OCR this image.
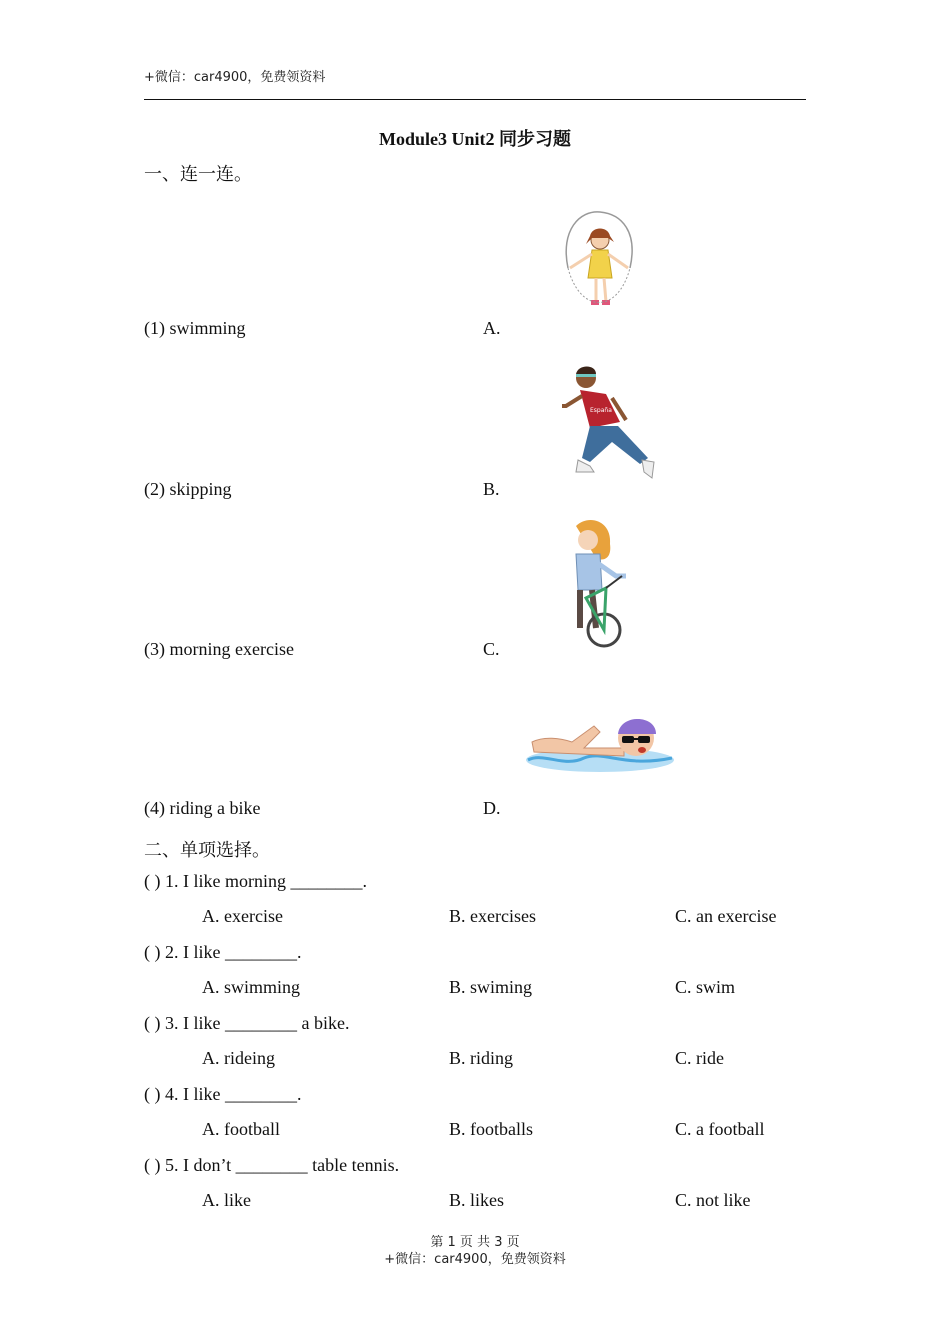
+微信：car4900，免费领资料
Module3 Unit2 同步习题
一、连一连。
(1) swimming	A.
(2) skipping	B.
(3) morning exercise	C.
(4) riding a bike	D.
España
二、单项选择。
( ) 1. I like morning ________.
A. exercise	B. exercises	C. an exercise
( ) 2. I like ________.
A. swimming	B. swiming	C. swim
( ) 3. I like ________ a bike.
A. rideing	B. riding	C. ride
( ) 4. I like ________.
A. football	B. footballs	C. a football
( ) 5. I don’t ________ table tennis.
A. like	B. likes	C. not like
第 1 页 共 3 页
+微信：car4900，免费领资料
